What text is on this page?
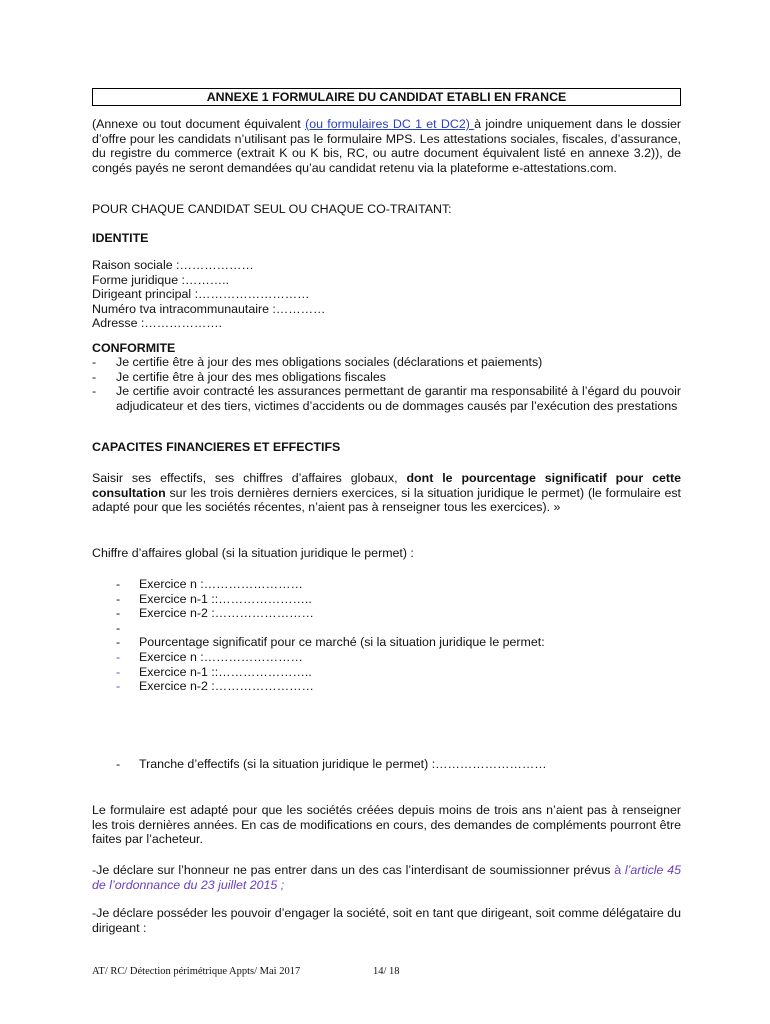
ANNEXE 1 FORMULAIRE DU CANDIDAT ETABLI EN FRANCE
(Annexe ou tout document équivalent (ou formulaires DC 1 et DC2) à joindre uniquement dans le dossier d’offre pour les candidats n’utilisant pas le formulaire MPS. Les attestations sociales, fiscales, d’assurance, du registre du commerce (extrait K ou K bis, RC, ou autre document équivalent listé en annexe 3.2)), de congés payés ne seront demandées qu’au candidat retenu via la plateforme e-attestations.com.
POUR CHAQUE CANDIDAT SEUL OU CHAQUE CO-TRAITANT:
IDENTITE
Raison sociale :………………
Forme juridique :………..
Dirigeant principal :………………………
Numéro tva intracommunautaire :…………
Adresse :……………….
CONFORMITE
- Je certifie être à jour des mes obligations sociales (déclarations et paiements)
- Je certifie être à jour des mes obligations fiscales
- Je certifie avoir contracté les assurances permettant de garantir ma responsabilité à l’égard du pouvoir adjudicateur et des tiers, victimes d’accidents ou de dommages causés par l’exécution des prestations
CAPACITES FINANCIERES ET EFFECTIFS
Saisir ses effectifs, ses chiffres d’affaires globaux, dont le pourcentage significatif pour cette consultation sur les trois dernières derniers exercices, si la situation juridique le permet) (le formulaire est adapté pour que les sociétés récentes, n’aient pas à renseigner tous les exercices). »
Chiffre d’affaires global (si la situation juridique le permet) :
- Exercice n :……………………
- Exercice n-1 ::…………………..
- Exercice n-2 :……………………
-
- Pourcentage significatif pour ce marché (si la situation juridique le permet:
- Exercice n :……………………
- Exercice n-1 ::…………………..
- Exercice n-2 :……………………
- Tranche d’effectifs (si la situation juridique le permet) :………………………
Le formulaire est adapté pour que les sociétés créées depuis moins de trois ans n’aient pas à renseigner les trois dernières années. En cas de modifications en cours, des demandes de compléments pourront être faites par l’acheteur.
-Je déclare sur l’honneur ne pas entrer dans un des cas l’interdisant de soumissionner prévus à l’article 45 de l’ordonnance du 23 juillet 2015 ;
-Je déclare posséder les pouvoir d’engager la société, soit en tant que dirigeant, soit comme délégataire du dirigeant :
AT/ RC/ Détection périmétrique Appts/ Mai 2017	14/ 18
